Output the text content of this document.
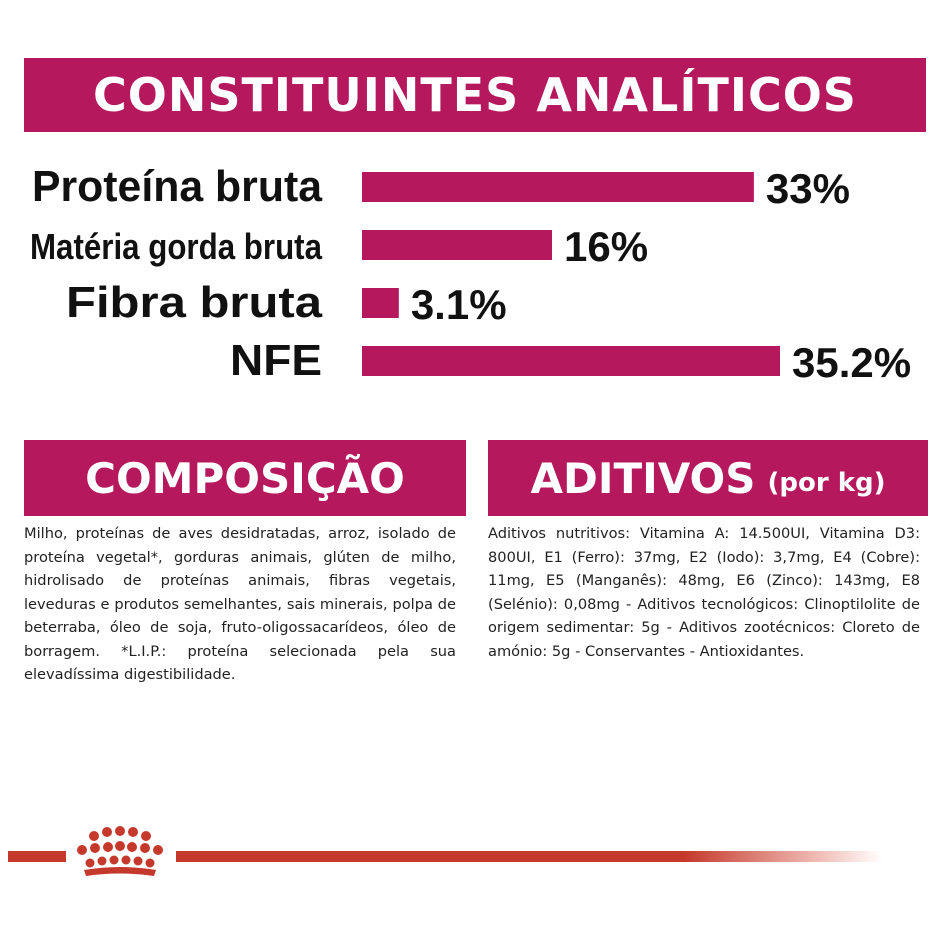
CONSTITUINTES ANALÍTICOS
Proteína bruta	33%
Matéria gorda bruta	16%
Fibra bruta 3.1%
NFE	35.2%
COMPOSIÇÃO
Milho, proteínas de aves desidratadas, arroz, isolado de proteína vegetal*, gorduras animais, glúten de milho, hidrolisado de proteínas animais, fibras vegetais, leveduras e produtos semelhantes, sais minerais, polpa de beterraba, óleo de soja, fruto-oligossacarídeos, óleo de borragem. *L.I.P.: proteína selecionada pela sua elevadíssima digestibilidade.
ADITIVOS (por kg)
Aditivos nutritivos: Vitamina A: 14.500UI, Vitamina D3: 800UI, E1 (Ferro): 37mg, E2 (Iodo): 3,7mg, E4 (Cobre): 11mg, E5 (Manganês): 48mg, E6 (Zinco): 143mg, E8 (Selénio): 0,08mg - Aditivos tecnológicos: Clinoptilolite de origem sedimentar: 5g - Aditivos zootécnicos: Cloreto de amónio: 5g - Conservantes - Antioxidantes.
